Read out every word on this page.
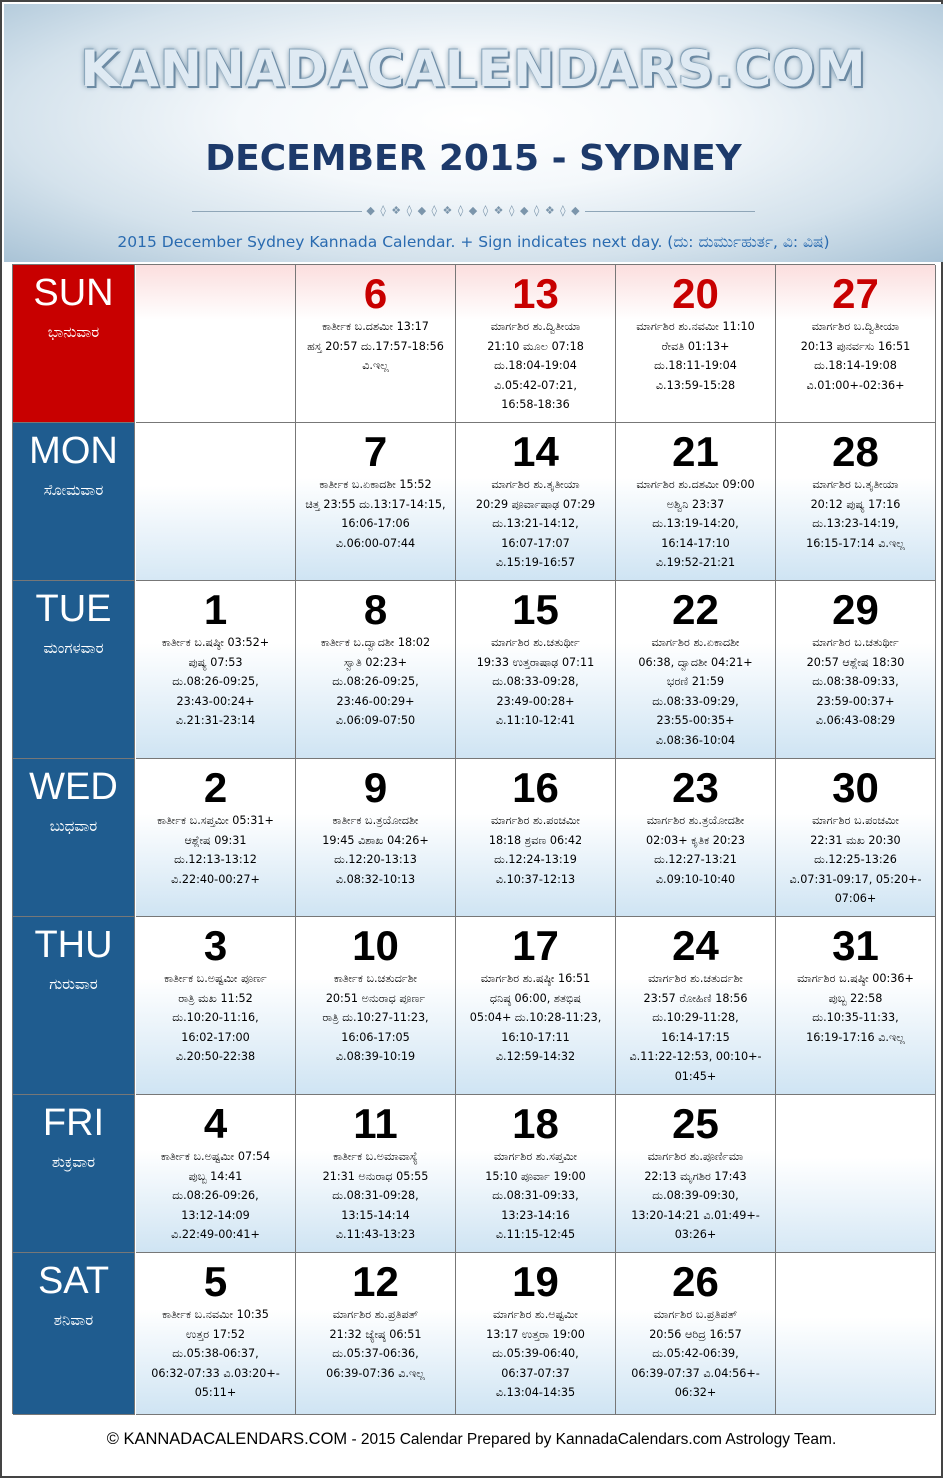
KANNADACALENDARS.COM
DECEMBER 2015 - SYDNEY
◆ ◊ ❖ ◊ ◆ ◊ ❖ ◊ ◆ ◊ ❖ ◊ ◆ ◊ ❖ ◊ ◆
2015 December Sydney Kannada Calendar. + Sign indicates next day. (ದು: ದುರ್ಮುಹುರ್ತ, ವಿ: ವಿಷ)
SUN
ಭಾನುವಾರ
6
ಕಾರ್ತೀಕ ಬ.ದಶಮೀ 13:17
ಹಸ್ತ 20:57 ದು.17:57-18:56
ವಿ.ಇಲ್ಲ
13
ಮಾರ್ಗಶಿರ ಶು.ದ್ವಿತೀಯಾ
21:10 ಮೂಲ 07:18
ದು.18:04-19:04
ವಿ.05:42-07:21,
16:58-18:36
20
ಮಾರ್ಗಶಿರ ಶು.ನವಮೀ 11:10
ರೇವತಿ 01:13+
ದು.18:11-19:04
ವಿ.13:59-15:28
27
ಮಾರ್ಗಶಿರ ಬ.ದ್ವಿತೀಯಾ
20:13 ಪುನರ್ವಸು 16:51
ದು.18:14-19:08
ವಿ.01:00+-02:36+
MON
ಸೋಮವಾರ
7
ಕಾರ್ತೀಕ ಬ.ಏಕಾದಶೀ 15:52
ಚಿತ್ತ 23:55 ದು.13:17-14:15,
16:06-17:06
ವಿ.06:00-07:44
14
ಮಾರ್ಗಶಿರ ಶು.ತೃತೀಯಾ
20:29 ಪೂರ್ವಾಷಾಢ 07:29
ದು.13:21-14:12,
16:07-17:07
ವಿ.15:19-16:57
21
ಮಾರ್ಗಶಿರ ಶು.ದಶಮೀ 09:00
ಅಶ್ವಿನಿ 23:37
ದು.13:19-14:20,
16:14-17:10
ವಿ.19:52-21:21
28
ಮಾರ್ಗಶಿರ ಬ.ತೃತೀಯಾ
20:12 ಪುಷ್ಯ 17:16
ದು.13:23-14:19,
16:15-17:14 ವಿ.ಇಲ್ಲ
TUE
ಮಂಗಳವಾರ
1
ಕಾರ್ತೀಕ ಬ.ಷಷ್ಠೀ 03:52+
ಪುಷ್ಯ 07:53
ದು.08:26-09:25,
23:43-00:24+
ವಿ.21:31-23:14
8
ಕಾರ್ತೀಕ ಬ.ದ್ವಾದಶೀ 18:02
ಸ್ವಾತಿ 02:23+
ದು.08:26-09:25,
23:46-00:29+
ವಿ.06:09-07:50
15
ಮಾರ್ಗಶಿರ ಶು.ಚತುರ್ಥೀ
19:33 ಉತ್ತರಾಷಾಢ 07:11
ದು.08:33-09:28,
23:49-00:28+
ವಿ.11:10-12:41
22
ಮಾರ್ಗಶಿರ ಶು.ಏಕಾದಶೀ
06:38, ದ್ವಾದಶೀ 04:21+
ಭರಣಿ 21:59
ದು.08:33-09:29,
23:55-00:35+
ವಿ.08:36-10:04
29
ಮಾರ್ಗಶಿರ ಬ.ಚತುರ್ಥೀ
20:57 ಆಶ್ಲೇಷ 18:30
ದು.08:38-09:33,
23:59-00:37+
ವಿ.06:43-08:29
WED
ಬುಧವಾರ
2
ಕಾರ್ತೀಕ ಬ.ಸಪ್ತಮೀ 05:31+
ಆಶ್ಲೇಷ 09:31
ದು.12:13-13:12
ವಿ.22:40-00:27+
9
ಕಾರ್ತೀಕ ಬ.ತ್ರಯೋದಶೀ
19:45 ವಿಶಾಖ 04:26+
ದು.12:20-13:13
ವಿ.08:32-10:13
16
ಮಾರ್ಗಶಿರ ಶು.ಪಂಚಮೀ
18:18 ಶ್ರವಣ 06:42
ದು.12:24-13:19
ವಿ.10:37-12:13
23
ಮಾರ್ಗಶಿರ ಶು.ತ್ರಯೋದಶೀ
02:03+ ಕೃತಿಕ 20:23
ದು.12:27-13:21
ವಿ.09:10-10:40
30
ಮಾರ್ಗಶಿರ ಬ.ಪಂಚಮೀ
22:31 ಮಖ 20:30
ದು.12:25-13:26
ವಿ.07:31-09:17, 05:20+-
07:06+
THU
ಗುರುವಾರ
3
ಕಾರ್ತೀಕ ಬ.ಅಷ್ಟಮೀ ಪೂರ್ಣ
ರಾತ್ರಿ ಮಖ 11:52
ದು.10:20-11:16,
16:02-17:00
ವಿ.20:50-22:38
10
ಕಾರ್ತೀಕ ಬ.ಚತುರ್ದಶೀ
20:51 ಅನುರಾಧ ಪೂರ್ಣ
ರಾತ್ರಿ ದು.10:27-11:23,
16:06-17:05
ವಿ.08:39-10:19
17
ಮಾರ್ಗಶಿರ ಶು.ಷಷ್ಠೀ 16:51
ಧನಿಷ್ಠ 06:00, ಶತಭಿಷ
05:04+ ದು.10:28-11:23,
16:10-17:11
ವಿ.12:59-14:32
24
ಮಾರ್ಗಶಿರ ಶು.ಚತುರ್ದಶೀ
23:57 ರೋಹಿಣಿ 18:56
ದು.10:29-11:28,
16:14-17:15
ವಿ.11:22-12:53, 00:10+-
01:45+
31
ಮಾರ್ಗಶಿರ ಬ.ಷಷ್ಠೀ 00:36+
ಪುಬ್ಬ 22:58
ದು.10:35-11:33,
16:19-17:16 ವಿ.ಇಲ್ಲ
FRI
ಶುಕ್ರವಾರ
4
ಕಾರ್ತೀಕ ಬ.ಅಷ್ಟಮೀ 07:54
ಪುಬ್ಬ 14:41
ದು.08:26-09:26,
13:12-14:09
ವಿ.22:49-00:41+
11
ಕಾರ್ತೀಕ ಬ.ಅಮಾವಾಸ್ಯೆ
21:31 ಅನುರಾಧ 05:55
ದು.08:31-09:28,
13:15-14:14
ವಿ.11:43-13:23
18
ಮಾರ್ಗಶಿರ ಶು.ಸಪ್ತಮೀ
15:10 ಪೂರ್ವಾ 19:00
ದು.08:31-09:33,
13:23-14:16
ವಿ.11:15-12:45
25
ಮಾರ್ಗಶಿರ ಶು.ಪೂರ್ಣಿಮಾ
22:13 ಮೃಗಶಿರ 17:43
ದು.08:39-09:30,
13:20-14:21 ವಿ.01:49+-
03:26+
SAT
ಶನಿವಾರ
5
ಕಾರ್ತೀಕ ಬ.ನವಮೀ 10:35
ಉತ್ತರ 17:52
ದು.05:38-06:37,
06:32-07:33 ವಿ.03:20+-
05:11+
12
ಮಾರ್ಗಶಿರ ಶು.ಪ್ರತಿಪತ್
21:32 ಜ್ಯೇಷ್ಠ 06:51
ದು.05:37-06:36,
06:39-07:36 ವಿ.ಇಲ್ಲ
19
ಮಾರ್ಗಶಿರ ಶು.ಅಷ್ಟಮೀ
13:17 ಉತ್ತರಾ 19:00
ದು.05:39-06:40,
06:37-07:37
ವಿ.13:04-14:35
26
ಮಾರ್ಗಶಿರ ಬ.ಪ್ರತಿಪತ್
20:56 ಆರಿದ್ರ 16:57
ದು.05:42-06:39,
06:39-07:37 ವಿ.04:56+-
06:32+
© KANNADACALENDARS.COM - 2015 Calendar Prepared by KannadaCalendars.com Astrology Team.
